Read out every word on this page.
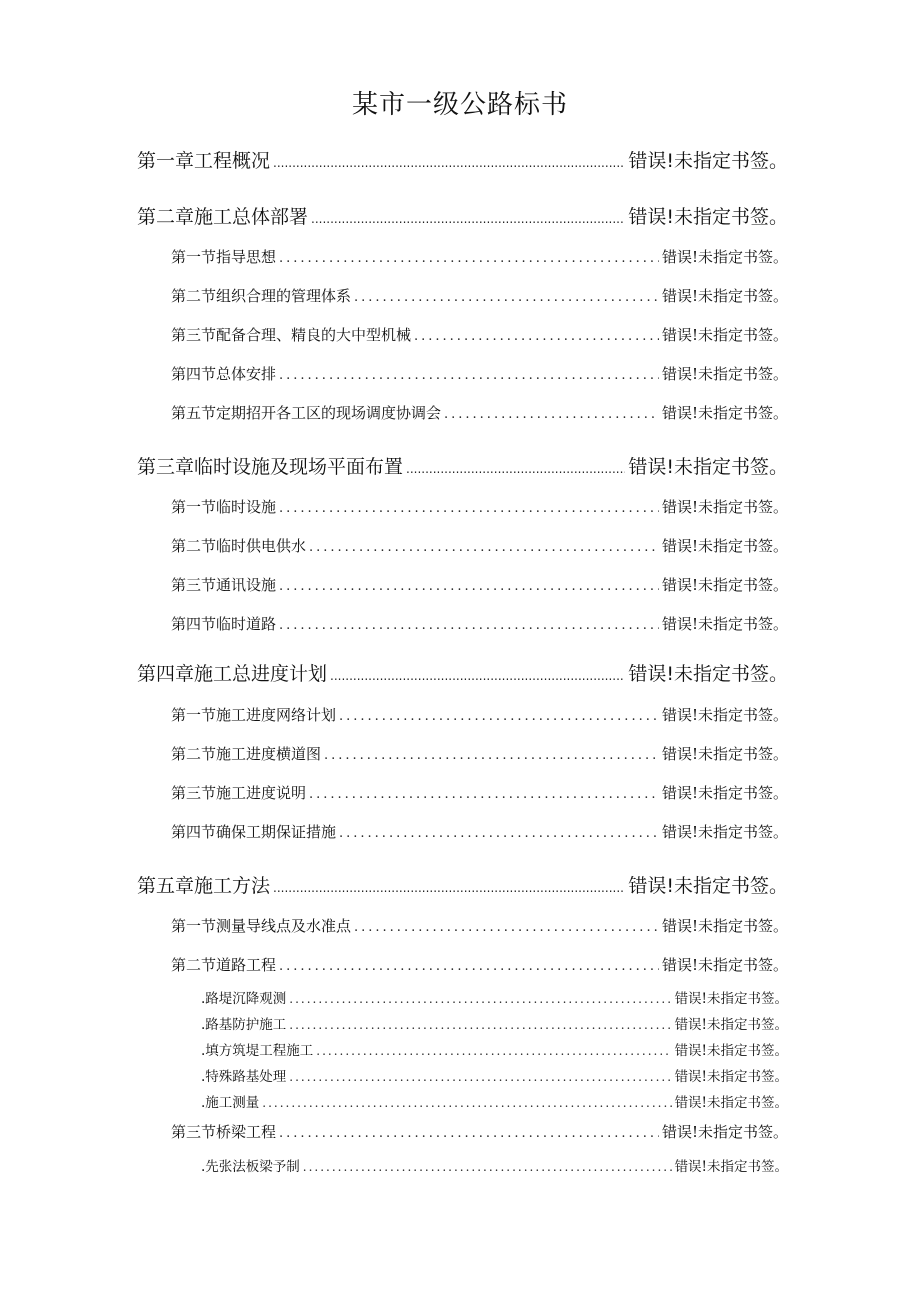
某市一级公路标书
第一章工程概况 .....	错误!未指定书签。
第二章施工总体部署 .....	错误!未指定书签。
第一节指导思想 .....	错误!未指定书签。
第二节组织合理的管理体系 .....	错误!未指定书签。
第三节配备合理、精良的大中型机械 .....	错误!未指定书签。
第四节总体安排 .....	错误!未指定书签。
第五节定期招开各工区的现场调度协调会 .....	错误!未指定书签。
第三章临时设施及现场平面布置 .....	错误!未指定书签。
第一节临时设施 .....	错误!未指定书签。
第二节临时供电供水 .....	错误!未指定书签。
第三节通讯设施 .....	错误!未指定书签。
第四节临时道路 .....	错误!未指定书签。
第四章施工总进度计划 .....	错误!未指定书签。
第一节施工进度网络计划 .....	错误!未指定书签。
第二节施工进度横道图 .....	错误!未指定书签。
第三节施工进度说明 .....	错误!未指定书签。
第四节确保工期保证措施 .....	错误!未指定书签。
第五章施工方法 .....	错误!未指定书签。
第一节测量导线点及水准点 .....	错误!未指定书签。
第二节道路工程 .....	错误!未指定书签。
.路堤沉降观测 .....	错误!未指定书签。
.路基防护施工 .....	错误!未指定书签。
.填方筑堤工程施工 .....	错误!未指定书签。
.特殊路基处理 .....	错误!未指定书签。
.施工测量 .....	错误!未指定书签。
第三节桥梁工程 .....	错误!未指定书签。
.先张法板梁予制 .....	错误!未指定书签。
